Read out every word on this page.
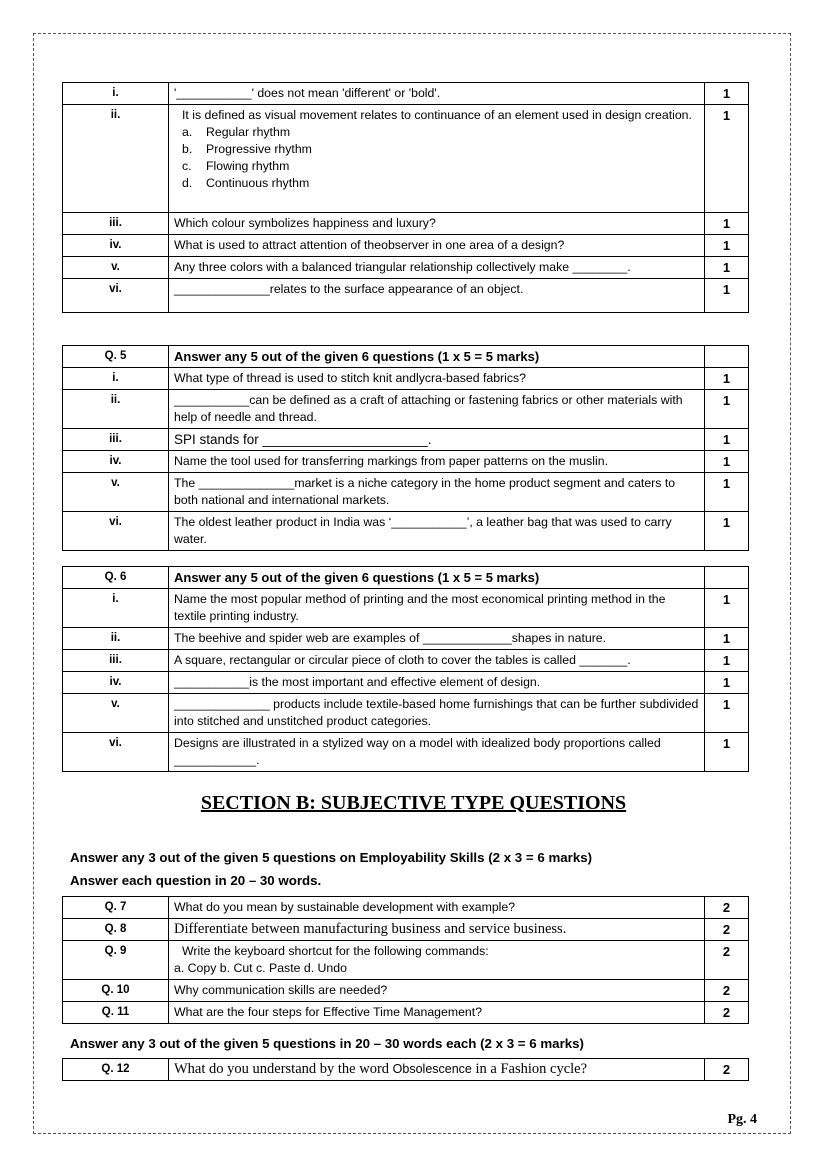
i.	'___________' does not mean 'different' or 'bold'.	1
ii.	It is defined as visual movement relates to continuance of an element used in design creation.
a. Regular rhythm
b. Progressive rhythm
c. Flowing rhythm
d. Continuous rhythm	1
iii.	Which colour symbolizes happiness and luxury?	1
iv.	What is used to attract attention of theobserver in one area of a design?	1
v.	Any three colors with a balanced triangular relationship collectively make ________.	1
vi.	______________relates to the surface appearance of an object.	1
Q. 5	Answer any 5 out of the given 6 questions (1 x 5 = 5 marks)	
i.	What type of thread is used to stitch knit andlycra-based fabrics?	1
ii.	___________can be defined as a craft of attaching or fastening fabrics or other materials with help of needle and thread.	1
iii.	SPI stands for ______________________.	1
iv.	Name the tool used for transferring markings from paper patterns on the muslin.	1
v.	The ______________market is a niche category in the home product segment and caters to both national and international markets.	1
vi.	The oldest leather product in India was ‘___________’, a leather bag that was used to carry water.	1
Q. 6	Answer any 5 out of the given 6 questions (1 x 5 = 5 marks)	
i.	Name the most popular method of printing and the most economical printing method in the textile printing industry.	1
ii.	The beehive and spider web are examples of _____________shapes in nature.	1
iii.	A square, rectangular or circular piece of cloth to cover the tables is called _______.	1
iv.	___________is the most important and effective element of design.	1
v.	______________ products include textile-based home furnishings that can be further subdivided into stitched and unstitched product categories.	1
vi.	Designs are illustrated in a stylized way on a model with idealized body proportions called ____________.	1
SECTION B: SUBJECTIVE TYPE QUESTIONS
Answer any 3 out of the given 5 questions on Employability Skills (2 x 3 = 6 marks)
Answer each question in 20 – 30 words.
Q. 7	What do you mean by sustainable development with example?	2
Q. 8	Differentiate between manufacturing business and service business.	2
Q. 9	Write the keyboard shortcut for the following commands:
a. Copy b. Cut c. Paste d. Undo	2
Q. 10	Why communication skills are needed?	2
Q. 11	What are the four steps for Effective Time Management?	2
Answer any 3 out of the given 5 questions in 20 – 30 words each (2 x 3 = 6 marks)
Q. 12	What do you understand by the word Obsolescence in a Fashion cycle?	2
Pg. 4
